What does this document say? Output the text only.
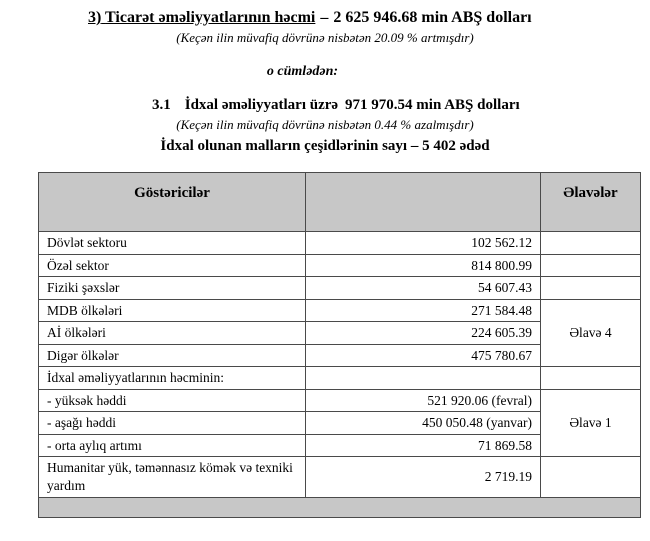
3) Ticarət əməliyyatlarının həcmi – 2 625 946.68 min ABŞ dolları
(Keçən ilin müvafiq dövrünə nisbətən 20.09 % artmışdır)
o cümlədən:
3.1 İdxal əməliyyatları üzrə 971 970.54 min ABŞ dolları
(Keçən ilin müvafiq dövrünə nisbətən 0.44 % azalmışdır)
İdxal olunan malların çeşidlərinin sayı – 5 402 ədəd
Göstəricilər		Əlavələr
Dövlət sektoru	102 562.12	
Özəl sektor	814 800.99	
Fiziki şəxslər	54 607.43	
MDB ölkələri	271 584.48	Əlavə 4
Aİ ölkələri	224 605.39	
Digər ölkələr	475 780.67	
İdxal əməliyyatlarının həcminin:		
- yüksək həddi	521 920.06 (fevral)	Əlavə 1
- aşağı həddi	450 050.48 (yanvar)	
- orta aylıq artımı	71 869.58	
Humanitar yük, təmənnasız kömək və texniki yardım	2 719.19	
